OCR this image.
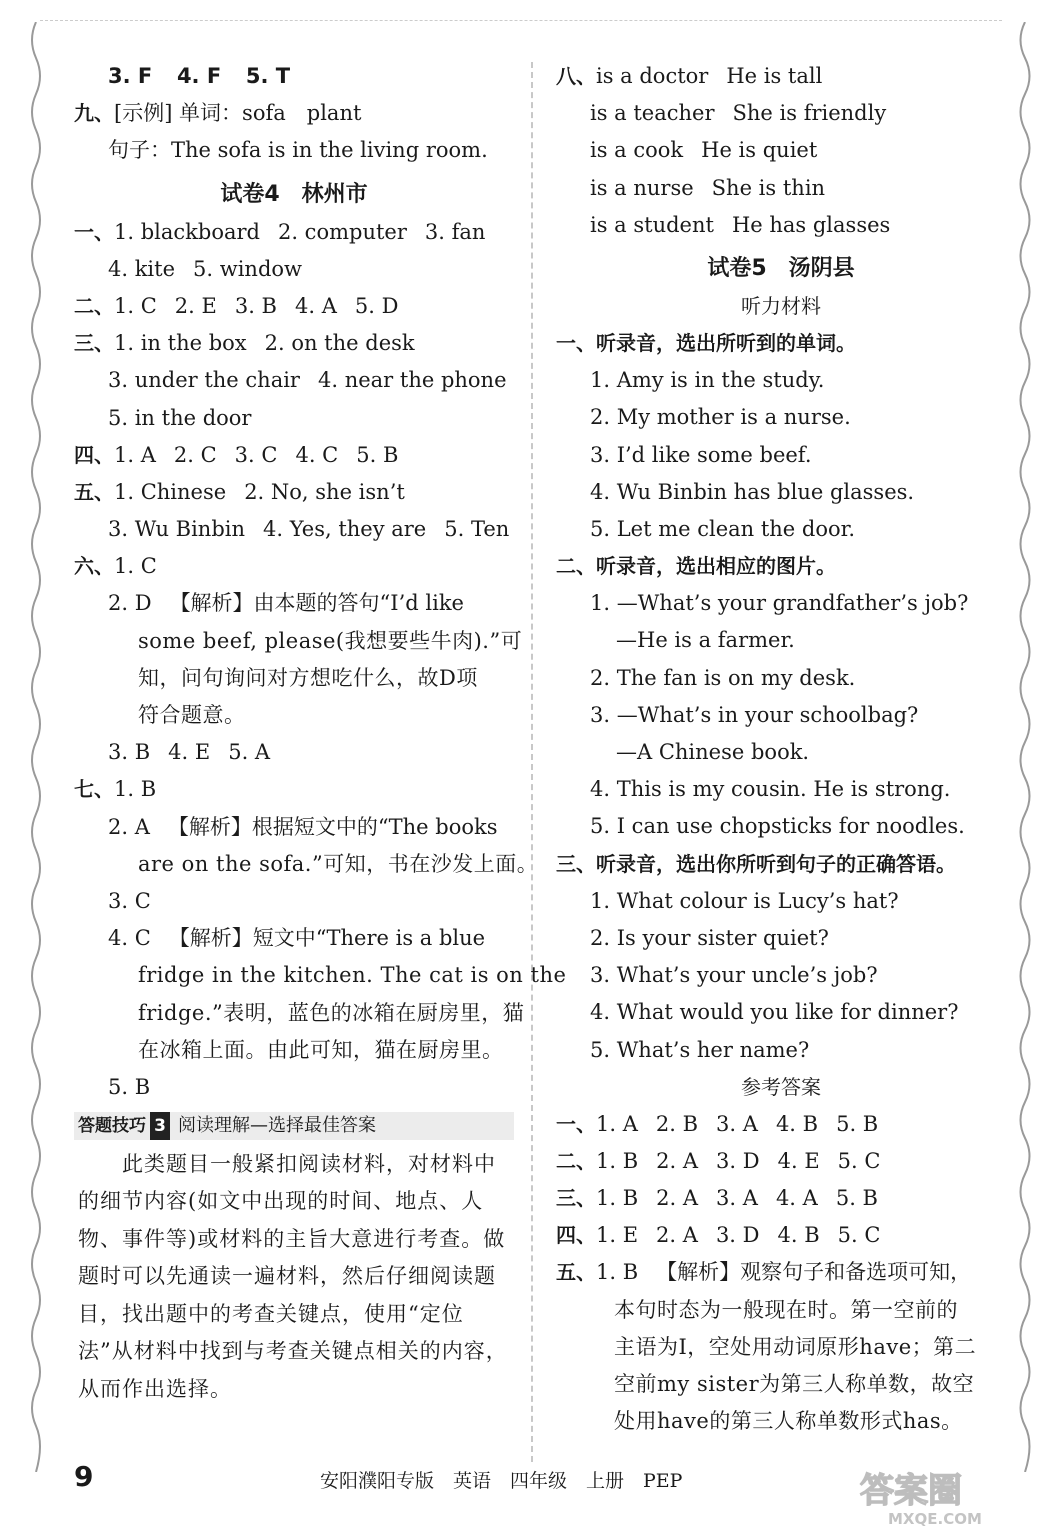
3. F 4. F 5. T
九、[示例] 单词：sofa　plant
句子：The sofa is in the living room.
试卷4　林州市
一、1. blackboard 2. computer 3. fan
4. kite 5. window
二、1. C 2. E 3. B 4. A 5. D
三、1. in the box 2. on the desk
3. under the chair 4. near the phone
5. in the door
四、1. A 2. C 3. C 4. C 5. B
五、1. Chinese 2. No, she isn’t
3. Wu Binbin 4. Yes, they are 5. Ten
六、1. C
2. D 【解析】由本题的答句“I’d like
some beef, please(我想要些牛肉).”可
知，问句询问对方想吃什么，故D项
符合题意。
3. B 4. E 5. A
七、1. B
2. A 【解析】根据短文中的“The books
are on the sofa.”可知，书在沙发上面。
3. C
4. C 【解析】短文中“There is a blue
fridge in the kitchen. The cat is on the
fridge.”表明，蓝色的冰箱在厨房里，猫
在冰箱上面。由此可知，猫在厨房里。
5. B
答题技巧 3 阅读理解—选择最佳答案
此类题目一般紧扣阅读材料，对材料中的细节内容(如文中出现的时间、地点、人物、事件等)或材料的主旨大意进行考查。做题时可以先通读一遍材料，然后仔细阅读题目，找出题中的考查关键点，使用“定位法”从材料中找到与考查关键点相关的内容，从而作出选择。
八、is a doctor He is tall
is a teacher She is friendly
is a cook He is quiet
is a nurse She is thin
is a student He has glasses
试卷5　汤阴县
听力材料
一、听录音，选出所听到的单词。
1. Amy is in the study.
2. My mother is a nurse.
3. I’d like some beef.
4. Wu Binbin has blue glasses.
5. Let me clean the door.
二、听录音，选出相应的图片。
1. —What’s your grandfather’s job?
—He is a farmer.
2. The fan is on my desk.
3. —What’s in your schoolbag?
—A Chinese book.
4. This is my cousin. He is strong.
5. I can use chopsticks for noodles.
三、听录音，选出你所听到句子的正确答语。
1. What colour is Lucy’s hat?
2. Is your sister quiet?
3. What’s your uncle’s job?
4. What would you like for dinner?
5. What’s her name?
参考答案
一、1. A 2. B 3. A 4. B 5. B
二、1. B 2. A 3. D 4. E 5. C
三、1. B 2. A 3. A 4. A 5. B
四、1. E 2. A 3. D 4. B 5. C
五、1. B 【解析】观察句子和备选项可知，
本句时态为一般现在时。第一空前的
主语为I，空处用动词原形have；第二
空前my sister为第三人称单数，故空
处用have的第三人称单数形式has。
9	安阳濮阳专版　英语　四年级　上册　PEP	答案圈
MXQE.COM
